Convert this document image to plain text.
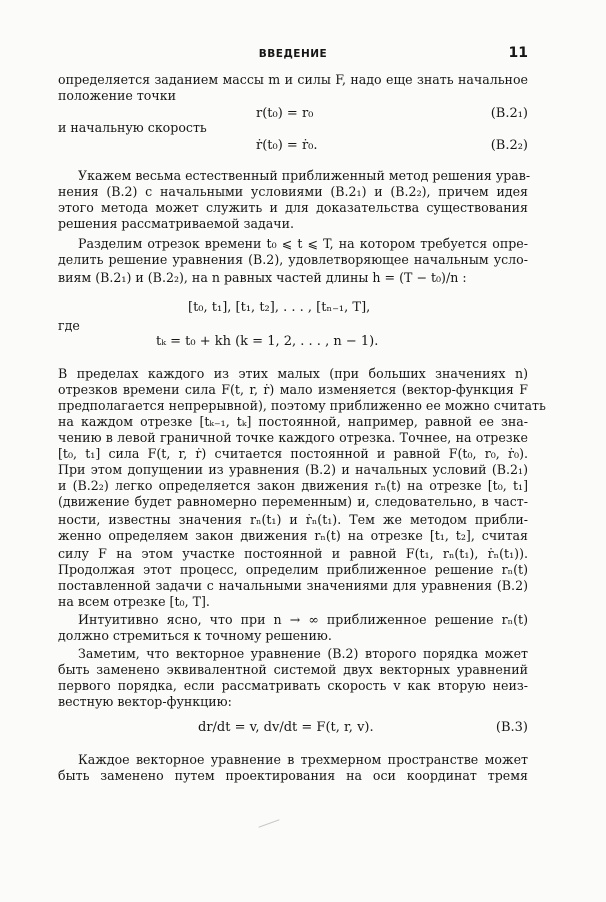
ВВЕДЕНИЕ	11
определяется заданием массы m и силы F, надо еще знать начальное
положение точки
r(t₀) = r₀	(В.2₁)
и начальную скорость
ṙ(t₀) = ṙ₀.	(В.2₂)
Укажем весьма естественный приближенный метод решения урав-
нения (В.2) с начальными условиями (В.2₁) и (В.2₂), причем идея
этого метода может служить и для доказательства существования
решения рассматриваемой задачи.
Разделим отрезок времени t₀ ⩽ t ⩽ T, на котором требуется опре-
делить решение уравнения (В.2), удовлетворяющее начальным усло-
виям (В.2₁) и (В.2₂), на n равных частей длины h = (T − t₀)/n :
[t₀, t₁], [t₁, t₂], . . . , [tₙ₋₁, T],
где
tₖ = t₀ + kh (k = 1, 2, . . . , n − 1).
В пределах каждого из этих малых (при больших значениях n)
отрезков времени сила F(t, r, ṙ) мало изменяется (вектор-функция F
предполагается непрерывной), поэтому приближенно ее можно считать
на каждом отрезке [tₖ₋₁, tₖ] постоянной, например, равной ее зна-
чению в левой граничной точке каждого отрезка. Точнее, на отрезке
[t₀, t₁] сила F(t, r, ṙ) считается постоянной и равной F(t₀, r₀, ṙ₀).
При этом допущении из уравнения (В.2) и начальных условий (В.2₁)
и (В.2₂) легко определяется закон движения rₙ(t) на отрезке [t₀, t₁]
(движение будет равномерно переменным) и, следовательно, в част-
ности, известны значения rₙ(t₁) и ṙₙ(t₁). Тем же методом прибли-
женно определяем закон движения rₙ(t) на отрезке [t₁, t₂], считая
силу F на этом участке постоянной и равной F(t₁, rₙ(t₁), ṙₙ(t₁)).
Продолжая этот процесс, определим приближенное решение rₙ(t)
поставленной задачи с начальными значениями для уравнения (В.2)
на всем отрезке [t₀, T].
Интуитивно ясно, что при n → ∞ приближенное решение rₙ(t)
должно стремиться к точному решению.
Заметим, что векторное уравнение (В.2) второго порядка может
быть заменено эквивалентной системой двух векторных уравнений
первого порядка, если рассматривать скорость v как вторую неиз-
вестную вектор-функцию:
dr/dt = v, dv/dt = F(t, r, v).	(В.3)
Каждое векторное уравнение в трехмерном пространстве может
быть заменено путем проектирования на оси координат тремя
